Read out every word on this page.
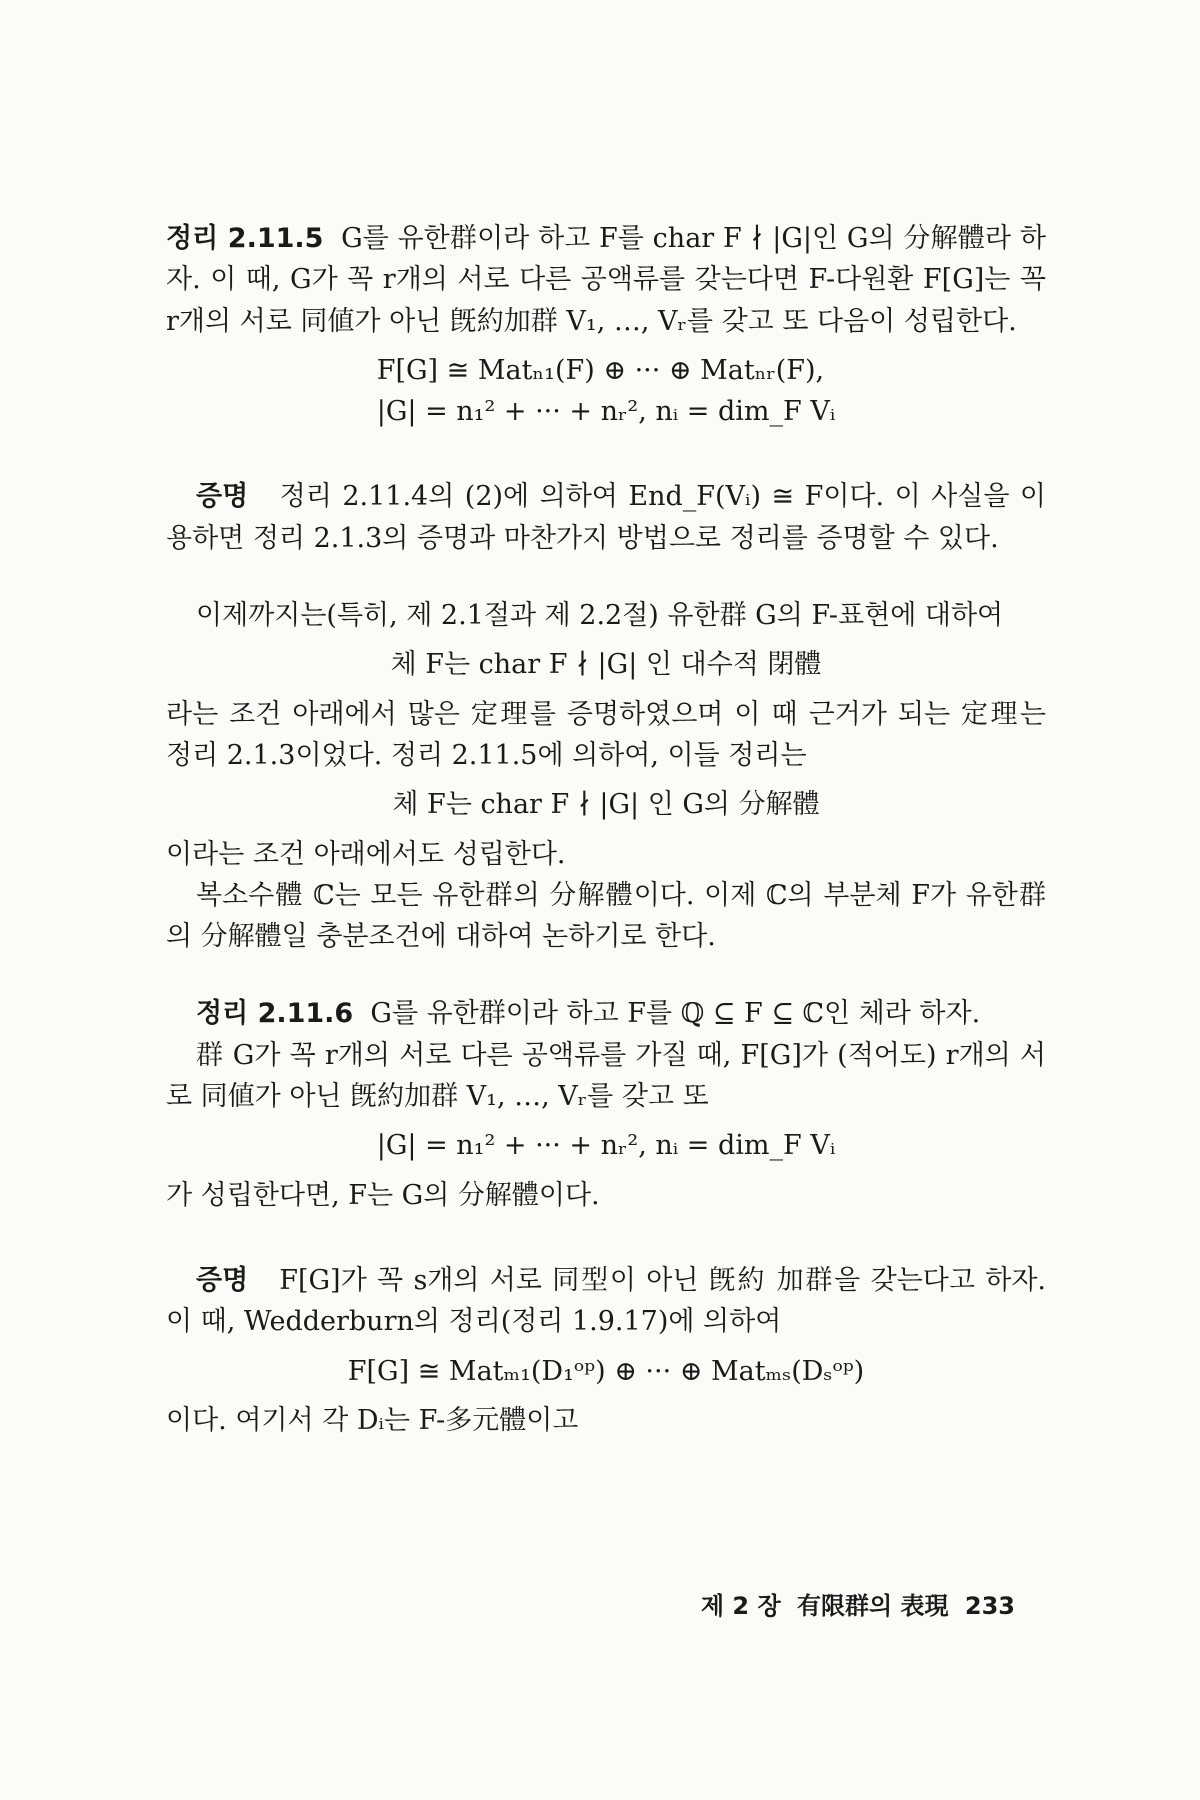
정리 2.11.5 G를 유한群이라 하고 F를 char F ∤ |G|인 G의 分解體라 하자. 이 때, G가 꼭 r개의 서로 다른 공액류를 갖는다면 F-다원환 F[G]는 꼭 r개의 서로 同値가 아닌 旣約加群 V₁, …, Vᵣ를 갖고 또 다음이 성립한다.

F[G] ≅ Matₙ₁(F) ⊕ ··· ⊕ Matₙᵣ(F),
|G| = n₁² + ··· + nᵣ², nᵢ = dim_F Vᵢ

증명 정리 2.11.4의 (2)에 의하여 End_F(Vᵢ) ≅ F이다. 이 사실을 이용하면 정리 2.1.3의 증명과 마찬가지 방법으로 정리를 증명할 수 있다.

이제까지는(특히, 제 2.1절과 제 2.2절) 유한群 G의 F-표현에 대하여

체 F는 char F ∤ |G| 인 대수적 閉體

라는 조건 아래에서 많은 定理를 증명하였으며 이 때 근거가 되는 定理는 정리 2.1.3이었다. 정리 2.11.5에 의하여, 이들 정리는

체 F는 char F ∤ |G| 인 G의 分解體

이라는 조건 아래에서도 성립한다.

복소수體 ℂ는 모든 유한群의 分解體이다. 이제 ℂ의 부분체 F가 유한群의 分解體일 충분조건에 대하여 논하기로 한다.

정리 2.11.6 G를 유한群이라 하고 F를 ℚ ⊆ F ⊆ ℂ인 체라 하자.

群 G가 꼭 r개의 서로 다른 공액류를 가질 때, F[G]가 (적어도) r개의 서로 同値가 아닌 旣約加群 V₁, …, Vᵣ를 갖고 또

|G| = n₁² + ··· + nᵣ², nᵢ = dim_F Vᵢ

가 성립한다면, F는 G의 分解體이다.

증명 F[G]가 꼭 s개의 서로 同型이 아닌 旣約 加群을 갖는다고 하자. 이 때, Wedderburn의 정리(정리 1.9.17)에 의하여

F[G] ≅ Matₘ₁(D₁ᵒᵖ) ⊕ ··· ⊕ Matₘₛ(Dₛᵒᵖ)

이다. 여기서 각 Dᵢ는 F-多元體이고

제 2 장 有限群의 表現 233
